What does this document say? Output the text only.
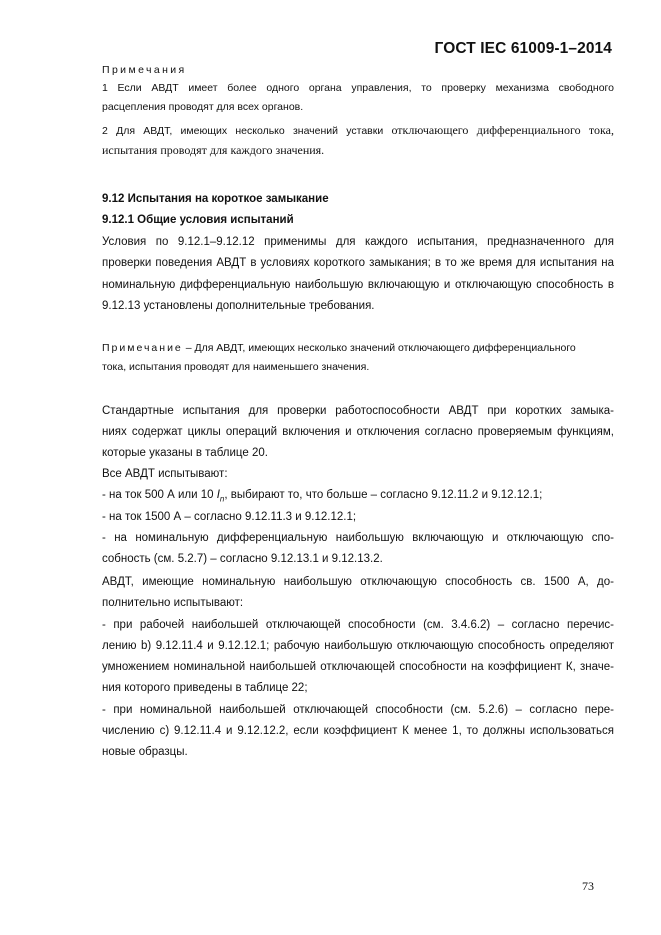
ГОСТ IEC 61009-1–2014
Примечания
1 Если АВДТ имеет более одного органа управления, то проверку механизма свободного
расцепления проводят для всех органов.
2 Для АВДТ, имеющих несколько значений уставки отключающего дифференциального тока,
испытания проводят для каждого значения.
9.12 Испытания на короткое замыкание
9.12.1 Общие условия испытаний
Условия по 9.12.1–9.12.12 применимы для каждого испытания, предназначенного для
проверки поведения АВДТ в условиях короткого замыкания; в то же время для испытания на
номинальную дифференциальную наибольшую включающую и отключающую способность в
9.12.13 установлены дополнительные требования.
Примечание – Для АВДТ, имеющих несколько значений отключающего дифференциального
тока, испытания проводят для наименьшего значения.
Стандартные испытания для проверки работоспособности АВДТ при коротких замыка-
ниях содержат циклы операций включения и отключения согласно проверяемым функциям,
которые указаны в таблице 20.
Все АВДТ испытывают:
- на ток 500 А или 10 $I_n$, выбирают то, что больше – согласно 9.12.11.2 и 9.12.12.1;
- на ток 1500 А – согласно 9.12.11.3 и 9.12.12.1;
- на номинальную дифференциальную наибольшую включающую и отключающую спо-
собность (см. 5.2.7) – согласно 9.12.13.1 и 9.12.13.2.
АВДТ, имеющие номинальную наибольшую отключающую способность св. 1500 А, до-
полнительно испытывают:
- при рабочей наибольшей отключающей способности (см. 3.4.6.2) – согласно перечис-
лению b) 9.12.11.4 и 9.12.12.1; рабочую наибольшую отключающую способность определяют
умножением номинальной наибольшей отключающей способности на коэффициент К, значе-
ния которого приведены в таблице 22;
- при номинальной наибольшей отключающей способности (см. 5.2.6) – согласно пере-
числению c) 9.12.11.4 и 9.12.12.2, если коэффициент К менее 1, то должны использоваться
новые образцы.
73
